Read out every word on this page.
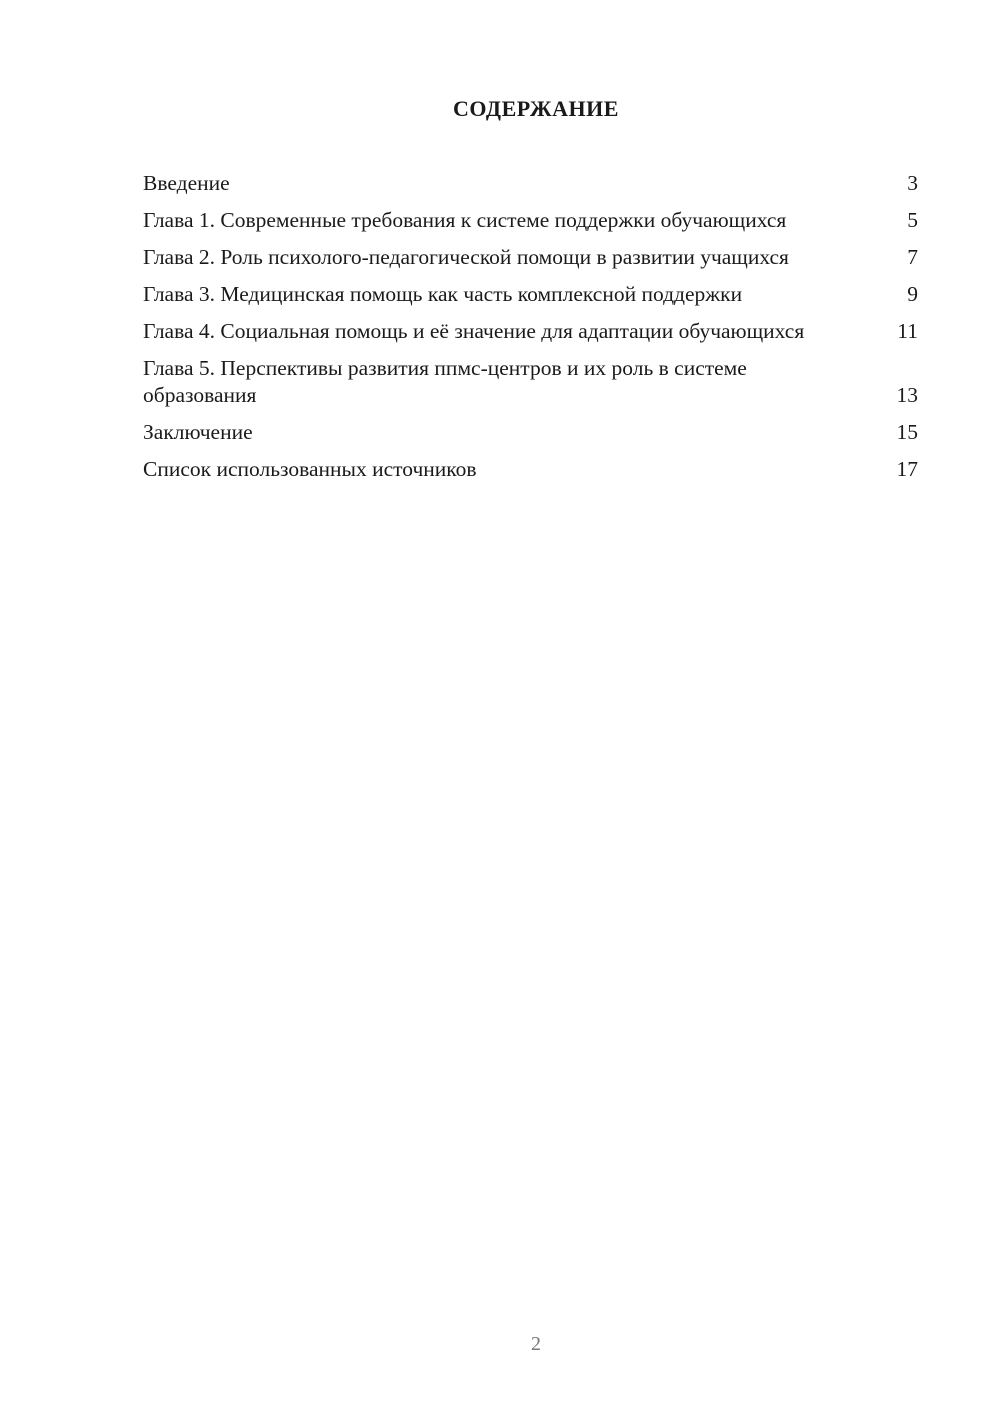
СОДЕРЖАНИЕ
Введение	3
Глава 1. Современные требования к системе поддержки обучающихся	5
Глава 2. Роль психолого-педагогической помощи в развитии учащихся	7
Глава 3. Медицинская помощь как часть комплексной поддержки	9
Глава 4. Социальная помощь и её значение для адаптации обучающихся	11
Глава 5. Перспективы развития ппмс-центров и их роль в системе образования	13
Заключение	15
Список использованных источников	17
2
